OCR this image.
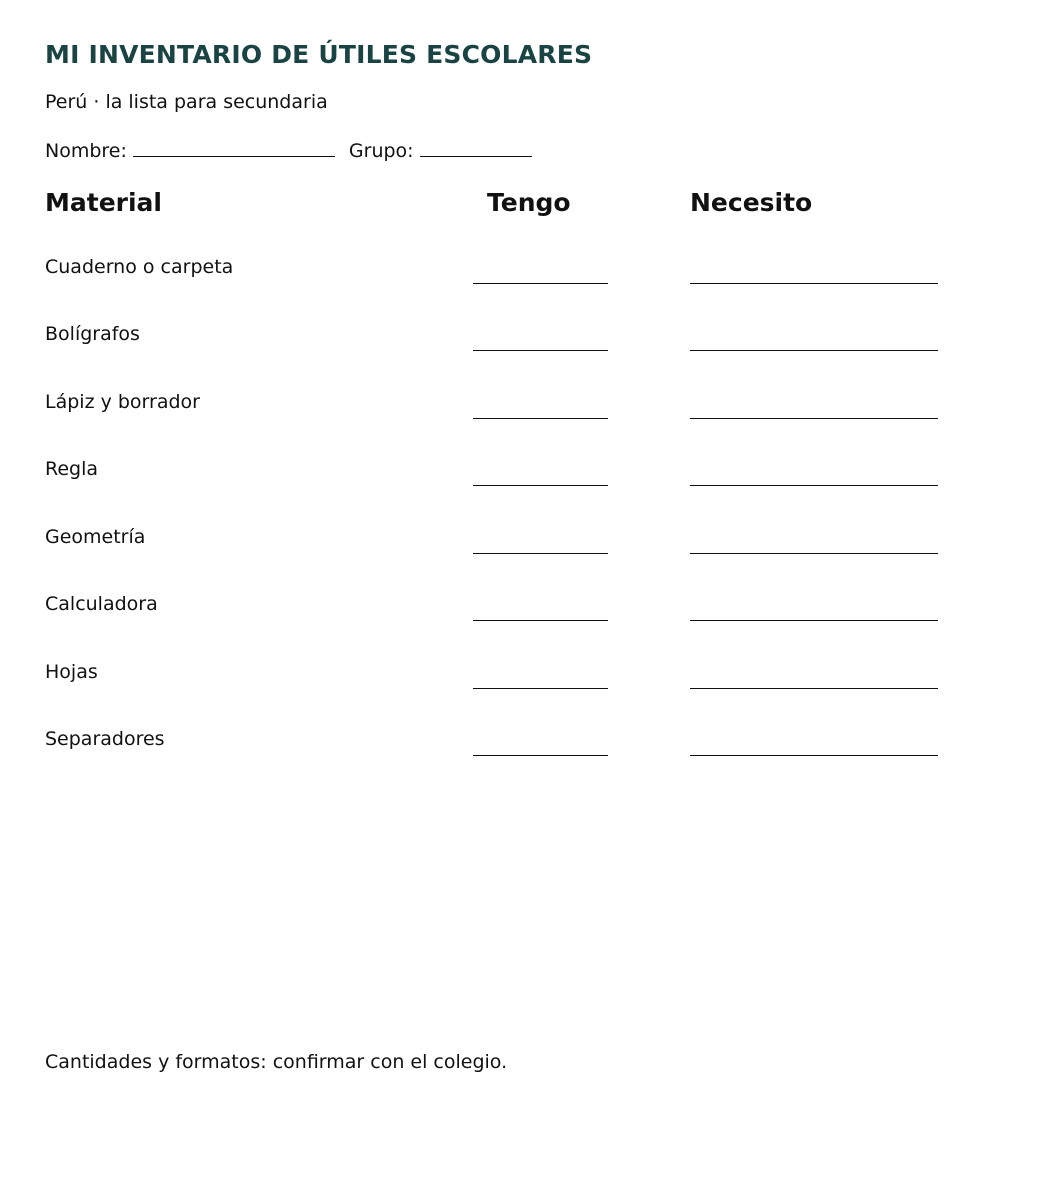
MI INVENTARIO DE ÚTILES ESCOLARES
Perú · la lista para secundaria
Nombre:	Grupo:
Material	Tengo	Necesito
Cuaderno o carpeta
Bolígrafos
Lápiz y borrador
Regla
Geometría
Calculadora
Hojas
Separadores
Cantidades y formatos: confirmar con el colegio.
